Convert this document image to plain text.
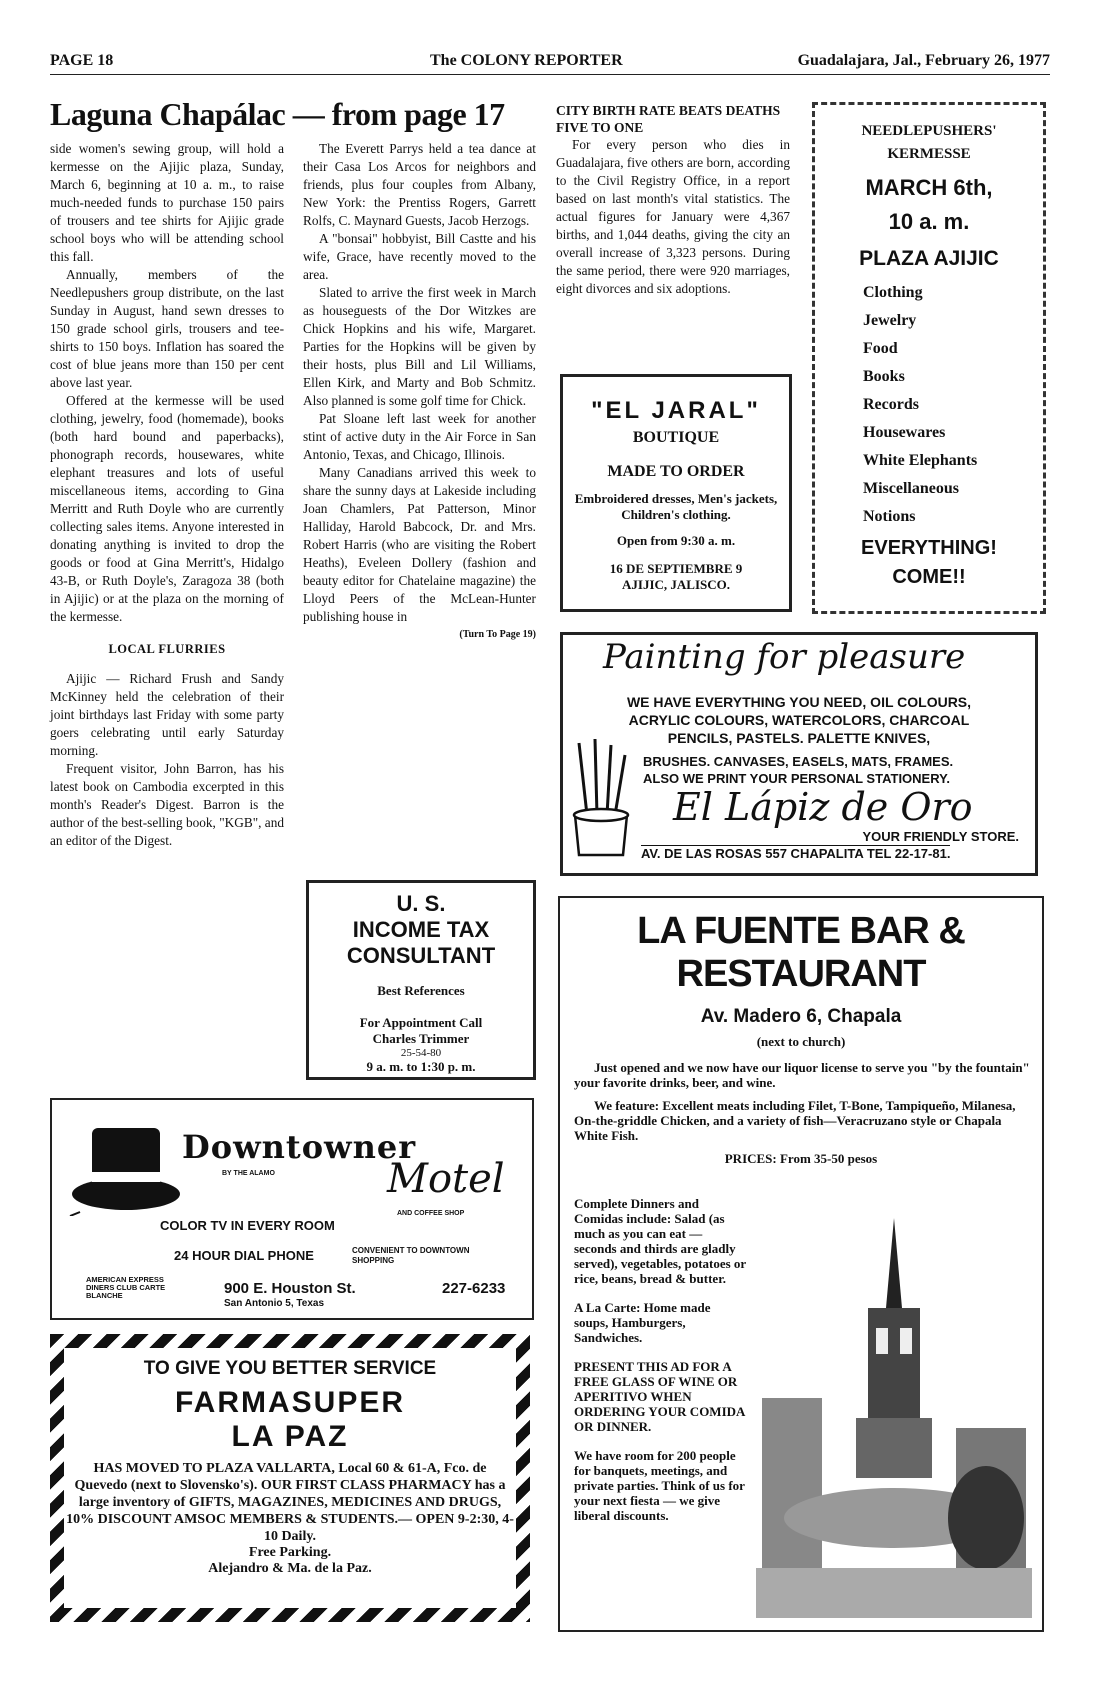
PAGE 18	The COLONY REPORTER	Guadalajara, Jal., February 26, 1977
Laguna Chapálac — from page 17

side women's sewing group, will hold a kermesse on the Ajijic plaza, Sunday, March 6, beginning at 10 a. m., to raise much-needed funds to purchase 150 pairs of trousers and tee shirts for Ajijic grade school boys who will be attending school this fall.

Annually, members of the Needlepushers group distribute, on the last Sunday in August, hand sewn dresses to 150 grade school girls, trousers and tee-shirts to 150 boys. Inflation has soared the cost of blue jeans more than 150 per cent above last year.

Offered at the kermesse will be used clothing, jewelry, food (homemade), books (both hard bound and paperbacks), phonograph records, housewares, white elephant treasures and lots of useful miscellaneous items, according to Gina Merritt and Ruth Doyle who are currently collecting sales items. Anyone interested in donating anything is invited to drop the goods or food at Gina Merritt's, Hidalgo 43-B, or Ruth Doyle's, Zaragoza 38 (both in Ajijic) or at the plaza on the morning of the kermesse.

LOCAL FLURRIES

Ajijic — Richard Frush and Sandy McKinney held the celebration of their joint birthdays last Friday with some party goers celebrating until early Saturday morning.

Frequent visitor, John Barron, has his latest book on Cambodia excerpted in this month's Reader's Digest. Barron is the author of the best-selling book, "KGB", and an editor of the Digest.

The Everett Parrys held a tea dance at their Casa Los Arcos for neighbors and friends, plus four couples from Albany, New York: the Prentiss Rogers, Garrett Rolfs, C. Maynard Guests, Jacob Herzogs.

A "bonsai" hobbyist, Bill Castte and his wife, Grace, have recently moved to the area.

Slated to arrive the first week in March as houseguests of the Dor Witzkes are Chick Hopkins and his wife, Margaret. Parties for the Hopkins will be given by their hosts, plus Bill and Lil Williams, Ellen Kirk, and Marty and Bob Schmitz. Also planned is some golf time for Chick.

Pat Sloane left last week for another stint of active duty in the Air Force in San Antonio, Texas, and Chicago, Illinois.

Many Canadians arrived this week to share the sunny days at Lakeside including Joan Chamlers, Pat Patterson, Minor Halliday, Harold Babcock, Dr. and Mrs. Robert Harris (who are visiting the Robert Heaths), Eveleen Dollery (fashion and beauty editor for Chatelaine magazine) the Lloyd Peers of the McLean-Hunter publishing house in

(Turn To Page 19)
CITY BIRTH RATE BEATS DEATHS FIVE TO ONE

For every person who dies in Guadalajara, five others are born, according to the Civil Registry Office, in a report based on last month's vital statistics. The actual figures for January were 4,367 births, and 1,044 deaths, giving the city an overall increase of 3,323 persons. During the same period, there were 920 marriages, eight divorces and six adoptions.

"EL JARAL"
BOUTIQUE
MADE TO ORDER
Embroidered dresses, Men's jackets, Children's clothing.
Open from 9:30 a. m.
16 DE SEPTIEMBRE 9
AJIJIC, JALISCO.
NEEDLEPUSHERS'
KERMESSE
MARCH 6th,
10 a. m.
PLAZA AJIJIC
Clothing
Jewelry
Food
Books
Records
Housewares
White Elephants
Miscellaneous
Notions
EVERYTHING!
COME!!
Painting for pleasure
WE HAVE EVERYTHING YOU NEED, OIL COLOURS,
ACRYLIC COLOURS, WATERCOLORS, CHARCOAL
PENCILS, PASTELS. PALETTE KNIVES,
BRUSHES. CANVASES, EASELS, MATS, FRAMES.
ALSO WE PRINT YOUR PERSONAL STATIONERY.
El Lápiz de Oro
YOUR FRIENDLY STORE.
AV. DE LAS ROSAS 557 CHAPALITA TEL 22-17-81.
U. S.
INCOME TAX
CONSULTANT
Best References
For Appointment Call
Charles Trimmer
25-54-80
9 a. m. to 1:30 p. m.
Downtowner
BY THE ALAMO	Motel
AND COFFEE SHOP
COLOR TV IN EVERY ROOM
24 HOUR DIAL PHONE	CONVENIENT TO DOWNTOWN SHOPPING
AMERICAN EXPRESS DINERS CLUB CARTE BLANCHE	900 E. Houston St.
San Antonio 5, Texas
227-6233
TO GIVE YOU BETTER SERVICE
FARMASUPER
LA PAZ
HAS MOVED TO PLAZA VALLARTA, Local 60 & 61-A, Fco. de Quevedo (next to Slovensko's). OUR FIRST CLASS PHARMACY has a large inventory of GIFTS, MAGAZINES, MEDICINES AND DRUGS, 10% DISCOUNT AMSOC MEMBERS & STUDENTS.— OPEN 9-2:30, 4-10 Daily.
Free Parking.
Alejandro & Ma. de la Paz.
LA FUENTE BAR &
RESTAURANT
Av. Madero 6, Chapala
(next to church)
Just opened and we now have our liquor license to serve you "by the fountain" your favorite drinks, beer, and wine.
We feature: Excellent meats including Filet, T-Bone, Tampiqueño, Milanesa, On-the-griddle Chicken, and a variety of fish—Veracruzano style or Chapala White Fish.
PRICES: From 35-50 pesos
Complete Dinners and Comidas include: Salad (as much as you can eat — seconds and thirds are gladly served), vegetables, potatoes or rice, beans, bread & butter.
A La Carte: Home made soups, Hamburgers, Sandwiches.
PRESENT THIS AD FOR A FREE GLASS OF WINE OR APERITIVO WHEN ORDERING YOUR COMIDA OR DINNER.
We have room for 200 people for banquets, meetings, and private parties. Think of us for your next fiesta — we give liberal discounts.
